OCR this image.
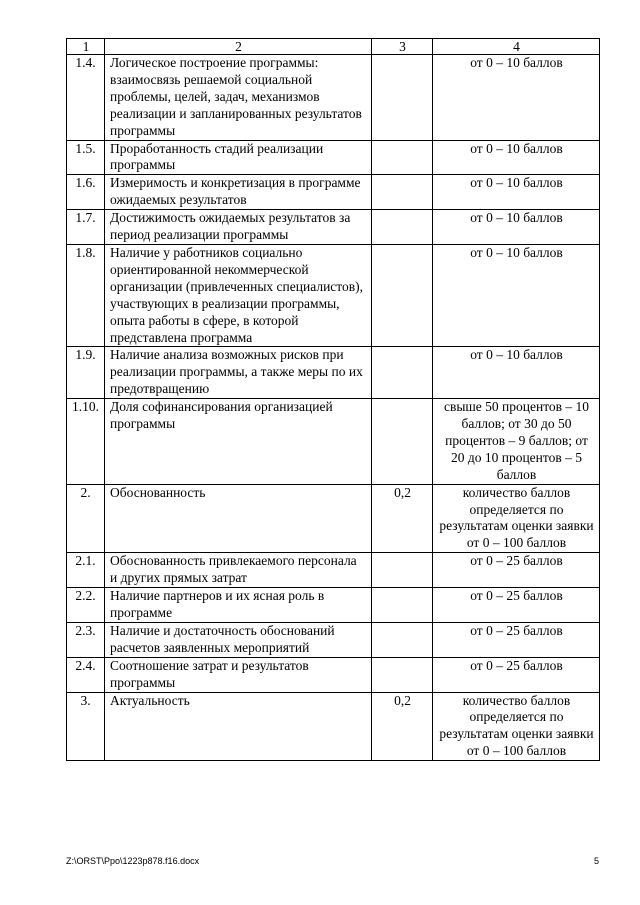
1	2	3	4
1.4.	Логическое построение программы: взаимосвязь решаемой социальной проблемы, целей, задач, механизмов реализации и запланированных результатов программы		от 0 – 10 баллов
1.5.	Проработанность стадий реализации программы		от 0 – 10 баллов
1.6.	Измеримость и конкретизация в программе ожидаемых результатов		от 0 – 10 баллов
1.7.	Достижимость ожидаемых результатов за период реализации программы		от 0 – 10 баллов
1.8.	Наличие у работников социально ориентированной некоммерческой организации (привлеченных специалистов), участвующих в реализации программы, опыта работы в сфере, в которой представлена программа		от 0 – 10 баллов
1.9.	Наличие анализа возможных рисков при реализации программы, а также меры по их предотвращению		от 0 – 10 баллов
1.10.	Доля софинансирования организацией программы		свыше 50 процентов – 10 баллов; от 30 до 50 процентов – 9 баллов; от 20 до 10 процентов – 5 баллов
2.	Обоснованность	0,2	количество баллов определяется по результатам оценки заявки от 0 – 100 баллов
2.1.	Обоснованность привлекаемого персонала и других прямых затрат		от 0 – 25 баллов
2.2.	Наличие партнеров и их ясная роль в программе		от 0 – 25 баллов
2.3.	Наличие и достаточность обоснований расчетов заявленных мероприятий		от 0 – 25 баллов
2.4.	Соотношение затрат и результатов программы		от 0 – 25 баллов
3.	Актуальность	0,2	количество баллов определяется по результатам оценки заявки от 0 – 100 баллов
Z:\ORST\Ppo\1223p878.f16.docx	5
